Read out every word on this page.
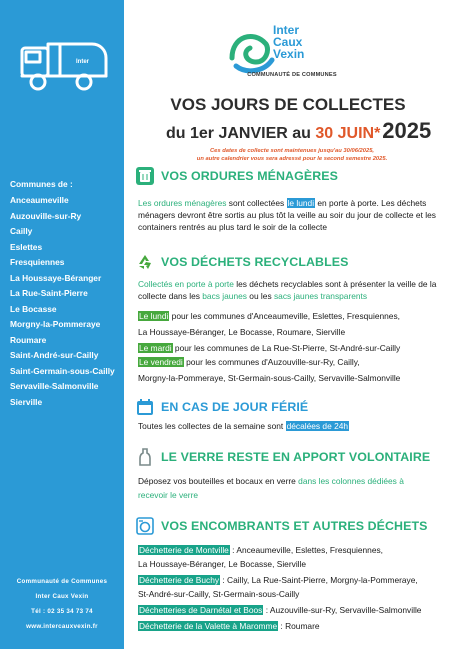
Inter
Communes de :
Anceaumeville
Auzouville-sur-Ry
Cailly
Eslettes
Fresquiennes
La Houssaye-Béranger
La Rue-Saint-Pierre
Le Bocasse
Morgny-la-Pommeraye
Roumare
Saint-André-sur-Cailly
Saint-Germain-sous-Cailly
Servaville-Salmonville
Sierville
Communauté de Communes
Inter Caux Vexin
Tél : 02 35 34 73 74
www.intercauxvexin.fr
Inter
Caux
Vexin
COMMUNAUTÉ DE COMMUNES
VOS JOURS DE COLLECTES
du 1er JANVIER au 30 JUIN*2025
Ces dates de collecte sont maintenues jusqu'au 30/06/2025,
un autre calendrier vous sera adressé pour le second semestre 2025.
VOS ORDURES MÉNAGÈRES
Les ordures ménagères sont collectées le lundi en porte à porte. Les déchets ménagers devront être sortis au plus tôt la veille au soir du jour de collecte et les containers rentrés au plus tard le soir de la collecte
VOS DÉCHETS RECYCLABLES
Collectés en porte à porte les déchets recyclables sont à présenter la veille de la collecte dans les bacs jaunes ou les sacs jaunes transparents
Le lundi pour les communes d'Anceaumeville, Eslettes, Fresquiennes,
La Houssaye-Béranger, Le Bocasse, Roumare, Sierville
Le mardi pour les communes de La Rue-St-Pierre, St-André-sur-Cailly
Le vendredi pour les communes d'Auzouville-sur-Ry, Cailly,
Morgny-la-Pommeraye, St-Germain-sous-Cailly, Servaville-Salmonville
EN CAS DE JOUR FÉRIÉ
Toutes les collectes de la semaine sont décalées de 24h
LE VERRE RESTE EN APPORT VOLONTAIRE
Déposez vos bouteilles et bocaux en verre dans les colonnes dédiées à
recevoir le verre
VOS ENCOMBRANTS ET AUTRES DÉCHETS
Déchetterie de Montville : Anceaumeville, Eslettes, Fresquiennes,
La Houssaye-Béranger, Le Bocasse, Sierville
Déchetterie de Buchy : Cailly, La Rue-Saint-Pierre, Morgny-la-Pommeraye,
St-André-sur-Cailly, St-Germain-sous-Cailly
Déchetteries de Darnétal et Boos : Auzouville-sur-Ry, Servaville-Salmonville
Déchetterie de la Valette à Maromme : Roumare
